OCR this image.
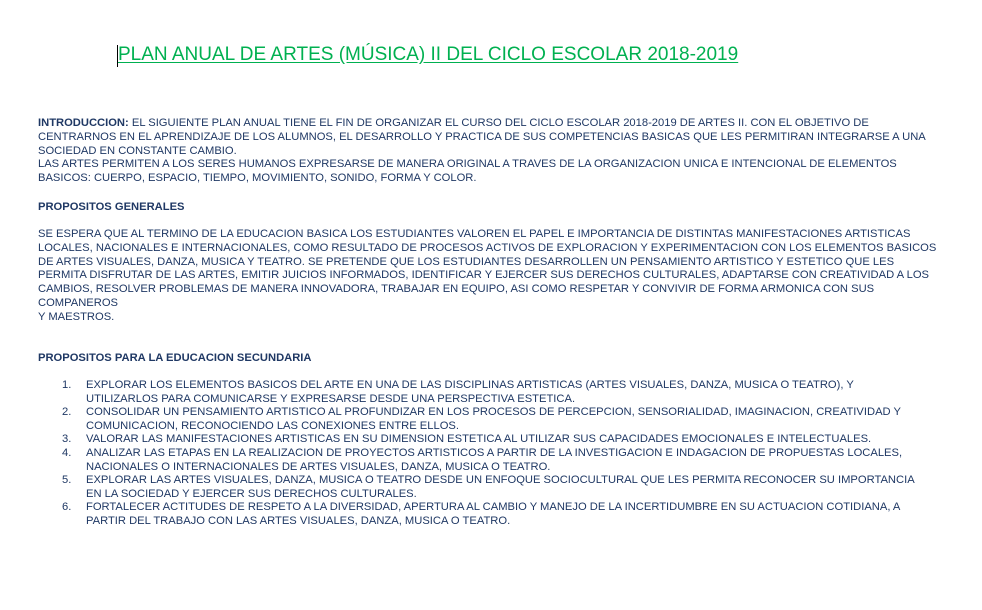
PLAN ANUAL DE ARTES (MÚSICA) II DEL CICLO ESCOLAR 2018-2019
INTRODUCCION: EL SIGUIENTE PLAN ANUAL TIENE EL FIN DE ORGANIZAR EL CURSO DEL CICLO ESCOLAR 2018-2019 DE ARTES II. CON EL OBJETIVO DE CENTRARNOS EN EL APRENDIZAJE DE LOS ALUMNOS, EL DESARROLLO Y PRACTICA DE SUS COMPETENCIAS BASICAS QUE LES PERMITIRAN INTEGRARSE A UNA SOCIEDAD EN CONSTANTE CAMBIO.
LAS ARTES PERMITEN A LOS SERES HUMANOS EXPRESARSE DE MANERA ORIGINAL A TRAVES DE LA ORGANIZACION UNICA E INTENCIONAL DE ELEMENTOS BASICOS: CUERPO, ESPACIO, TIEMPO, MOVIMIENTO, SONIDO, FORMA Y COLOR.
PROPOSITOS GENERALES
SE ESPERA QUE AL TERMINO DE LA EDUCACION BASICA LOS ESTUDIANTES VALOREN EL PAPEL E IMPORTANCIA DE DISTINTAS MANIFESTACIONES ARTISTICAS LOCALES, NACIONALES E INTERNACIONALES, COMO RESULTADO DE PROCESOS ACTIVOS DE EXPLORACION Y EXPERIMENTACION CON LOS ELEMENTOS BASICOS DE ARTES VISUALES, DANZA, MUSICA Y TEATRO. SE PRETENDE QUE LOS ESTUDIANTES DESARROLLEN UN PENSAMIENTO ARTISTICO Y ESTETICO QUE LES PERMITA DISFRUTAR DE LAS ARTES, EMITIR JUICIOS INFORMADOS, IDENTIFICAR Y EJERCER SUS DERECHOS CULTURALES, ADAPTARSE CON CREATIVIDAD A LOS CAMBIOS, RESOLVER PROBLEMAS DE MANERA INNOVADORA, TRABAJAR EN EQUIPO, ASI COMO RESPETAR Y CONVIVIR DE FORMA ARMONICA CON SUS COMPANEROS
Y MAESTROS.
PROPOSITOS PARA LA EDUCACION SECUNDARIA
1. EXPLORAR LOS ELEMENTOS BASICOS DEL ARTE EN UNA DE LAS DISCIPLINAS ARTISTICAS (ARTES VISUALES, DANZA, MUSICA O TEATRO), Y UTILIZARLOS PARA COMUNICARSE Y EXPRESARSE DESDE UNA PERSPECTIVA ESTETICA.
2. CONSOLIDAR UN PENSAMIENTO ARTISTICO AL PROFUNDIZAR EN LOS PROCESOS DE PERCEPCION, SENSORIALIDAD, IMAGINACION, CREATIVIDAD Y COMUNICACION, RECONOCIENDO LAS CONEXIONES ENTRE ELLOS.
3. VALORAR LAS MANIFESTACIONES ARTISTICAS EN SU DIMENSION ESTETICA AL UTILIZAR SUS CAPACIDADES EMOCIONALES E INTELECTUALES.
4. ANALIZAR LAS ETAPAS EN LA REALIZACION DE PROYECTOS ARTISTICOS A PARTIR DE LA INVESTIGACION E INDAGACION DE PROPUESTAS LOCALES, NACIONALES O INTERNACIONALES DE ARTES VISUALES, DANZA, MUSICA O TEATRO.
5. EXPLORAR LAS ARTES VISUALES, DANZA, MUSICA O TEATRO DESDE UN ENFOQUE SOCIOCULTURAL QUE LES PERMITA RECONOCER SU IMPORTANCIA EN LA SOCIEDAD Y EJERCER SUS DERECHOS CULTURALES.
6. FORTALECER ACTITUDES DE RESPETO A LA DIVERSIDAD, APERTURA AL CAMBIO Y MANEJO DE LA INCERTIDUMBRE EN SU ACTUACION COTIDIANA, A PARTIR DEL TRABAJO CON LAS ARTES VISUALES, DANZA, MUSICA O TEATRO.
